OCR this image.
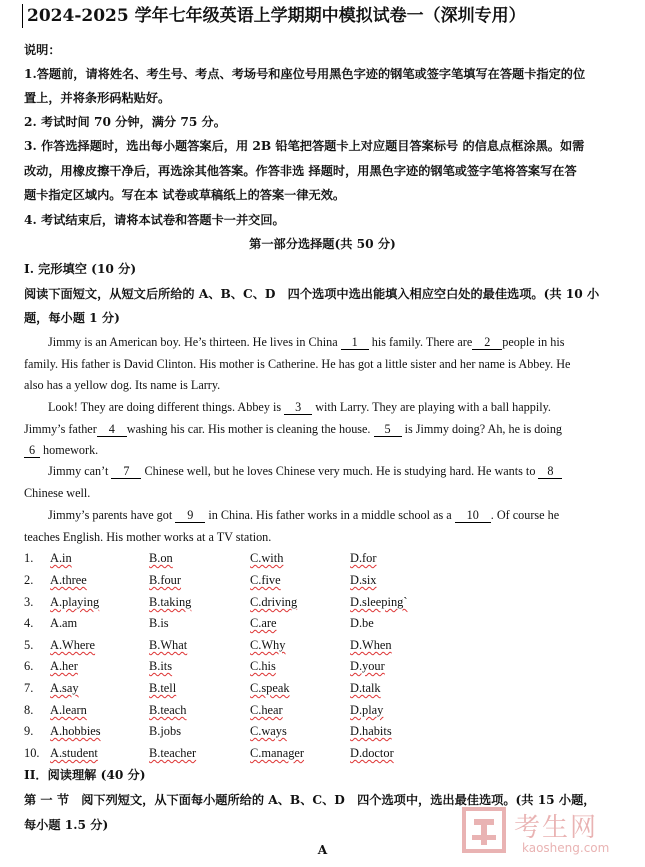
2024-2025 学年七年级英语上学期期中模拟试卷一（深圳专用）
说明：
1.答题前，请将姓名、考生号、考点、考场号和座位号用黑色字迹的钢笔或签字笔填写在答题卡指定的位
置上，并将条形码粘贴好。
2. 考试时间 70 分钟，满分 75 分。
3. 作答选择题时，选出每小题答案后，用 2B 铅笔把答题卡上对应题目答案标号 的信息点框涂黑。如需
改动，用橡皮擦干净后，再选涂其他答案。作答非选 择题时，用黑色字迹的钢笔或签字笔将答案写在答
题卡指定区域内。写在本 试卷或草稿纸上的答案一律无效。
4. 考试结束后，请将本试卷和答题卡一并交回。
第一部分选择题(共 50 分)
I. 完形填空 (10 分)
阅读下面短文，从短文后所给的 A、B、C、D　四个选项中选出能填入相应空白处的最佳选项。(共 10 小
题，每小题 1 分)
Jimmy is an American boy. He’s thirteen. He lives in China 1 his family. There are 2 people in his
family. His father is David Clinton. His mother is Catherine. He has got a little sister and her name is Abbey. He
also has a yellow dog. Its name is Larry.
Look! They are doing different things. Abbey is 3 with Larry. They are playing with a ball happily.
Jimmy’s father 4 washing his car. His mother is cleaning the house. 5 is Jimmy doing? Ah, he is doing
6 homework.
Jimmy can’t 7 Chinese well, but he loves Chinese very much. He is studying hard. He wants to 8
Chinese well.
Jimmy’s parents have got 9 in China. His father works in a middle school as a 10 . Of course he
teaches English. His mother works at a TV station.
1. A.in	B.on	C.with	D.for
2. A.three	B.four	C.five	D.six
3. A.playing	B.taking	C.driving	D.sleeping`
4. A.am	B.is	C.are	D.be
5. A.Where	B.What	C.Why	D.When
6. A.her	B.its	C.his	D.your
7. A.say	B.tell	C.speak	D.talk
8. A.learn	B.teach	C.hear	D.play
9. A.hobbies	B.jobs	C.ways	D.habits
10. A.student	B.teacher	C.manager	D.doctor
II．阅读理解 (40 分)
第 一 节　阅下列短文，从下面每小题所给的 A、B、C、D　四个选项中，选出最佳选项。(共 15 小题，
每小题 1.5 分)
A
考生网
kaosheng.com
